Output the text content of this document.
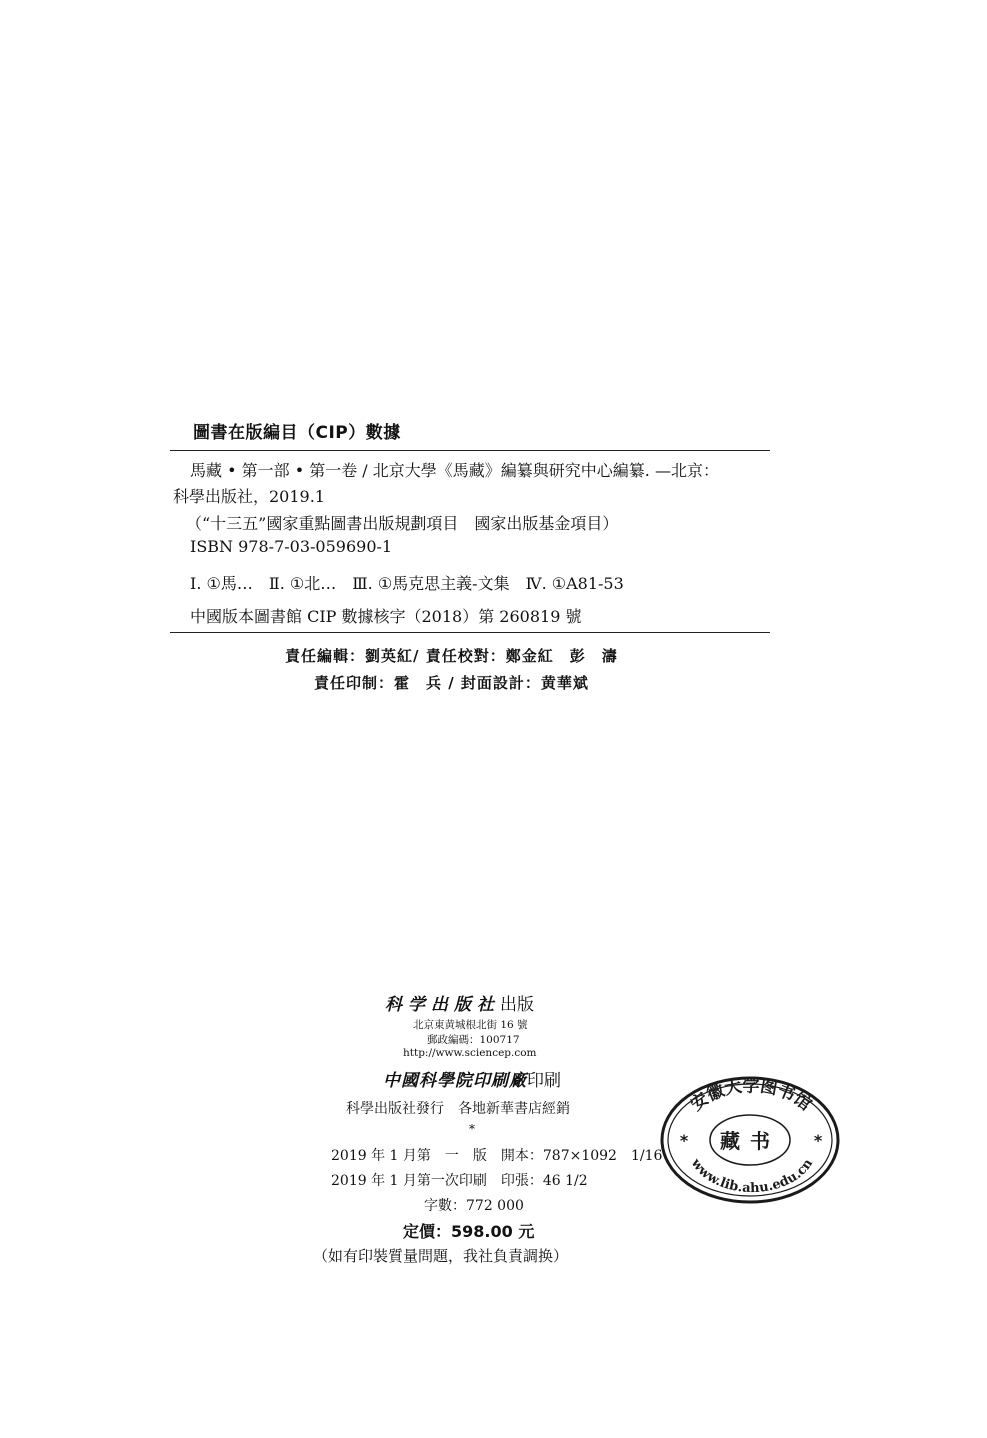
圖書在版編目（CIP）數據
馬藏 • 第一部 • 第一卷 / 北京大學《馬藏》編纂與研究中心編纂. —北京：
科學出版社，2019.1
（“十三五”國家重點圖書出版規劃項目　國家出版基金項目）
ISBN 978-7-03-059690-1
Ⅰ. ①馬…　Ⅱ. ①北…　Ⅲ. ①馬克思主義-文集　Ⅳ. ①A81-53
中國版本圖書館 CIP 數據核字（2018）第 260819 號
責任編輯：劉英紅/ 責任校對：鄭金紅　彭　濤
責任印制：霍　兵 / 封面設計：黄華斌
科学出版社出版
北京東黄城根北街 16 號
郵政編碼：100717
http://www.sciencep.com
中國科學院印刷廠印刷
科學出版社發行　各地新華書店經銷
*
2019 年 1 月第　一　版　開本：787×1092　1/16
2019 年 1 月第一次印刷　印張：46 1/2
字數：772 000
定價：598.00 元
（如有印裝質量問題，我社負責調换）
安徽大学图书馆
www.lib.ahu.edu.cn
藏书
*	*
